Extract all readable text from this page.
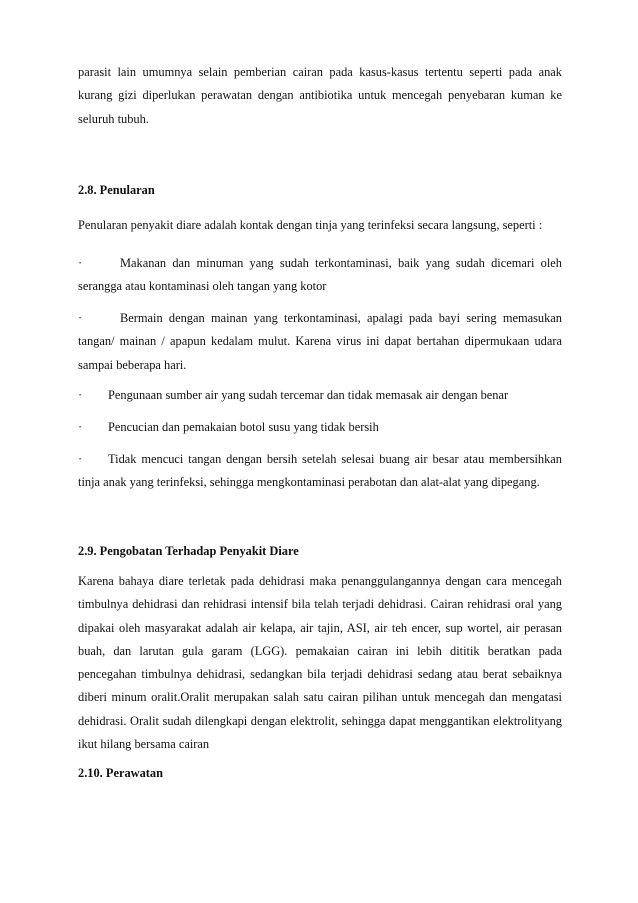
parasit lain umumnya selain pemberian cairan pada kasus-kasus tertentu seperti pada anak kurang gizi diperlukan perawatan dengan antibiotika untuk mencegah penyebaran kuman ke seluruh tubuh.

2.8. Penularan

Penularan penyakit diare adalah kontak dengan tinja yang terinfeksi secara langsung, seperti :

·	Makanan dan minuman yang sudah terkontaminasi, baik yang sudah dicemari oleh serangga atau kontaminasi oleh tangan yang kotor

·	Bermain dengan mainan yang terkontaminasi, apalagi pada bayi sering memasukan tangan/ mainan / apapun kedalam mulut. Karena virus ini dapat bertahan dipermukaan udara sampai beberapa hari.

· Pengunaan sumber air yang sudah tercemar dan tidak memasak air dengan benar

· Pencucian dan pemakaian botol susu yang tidak bersih

· Tidak mencuci tangan dengan bersih setelah selesai buang air besar atau membersihkan tinja anak yang terinfeksi, sehingga mengkontaminasi perabotan dan alat-alat yang dipegang.

2.9. Pengobatan Terhadap Penyakit Diare

Karena bahaya diare terletak pada dehidrasi maka penanggulangannya dengan cara mencegah timbulnya dehidrasi dan rehidrasi intensif bila telah terjadi dehidrasi. Cairan rehidrasi oral yang dipakai oleh masyarakat adalah air kelapa, air tajin, ASI, air teh encer, sup wortel, air perasan buah, dan larutan gula garam (LGG). pemakaian cairan ini lebih dititik beratkan pada pencegahan timbulnya dehidrasi, sedangkan bila terjadi dehidrasi sedang atau berat sebaiknya diberi minum oralit.Oralit merupakan salah satu cairan pilihan untuk mencegah dan mengatasi dehidrasi. Oralit sudah dilengkapi dengan elektrolit, sehingga dapat menggantikan elektrolityang ikut hilang bersama cairan

2.10. Perawatan
